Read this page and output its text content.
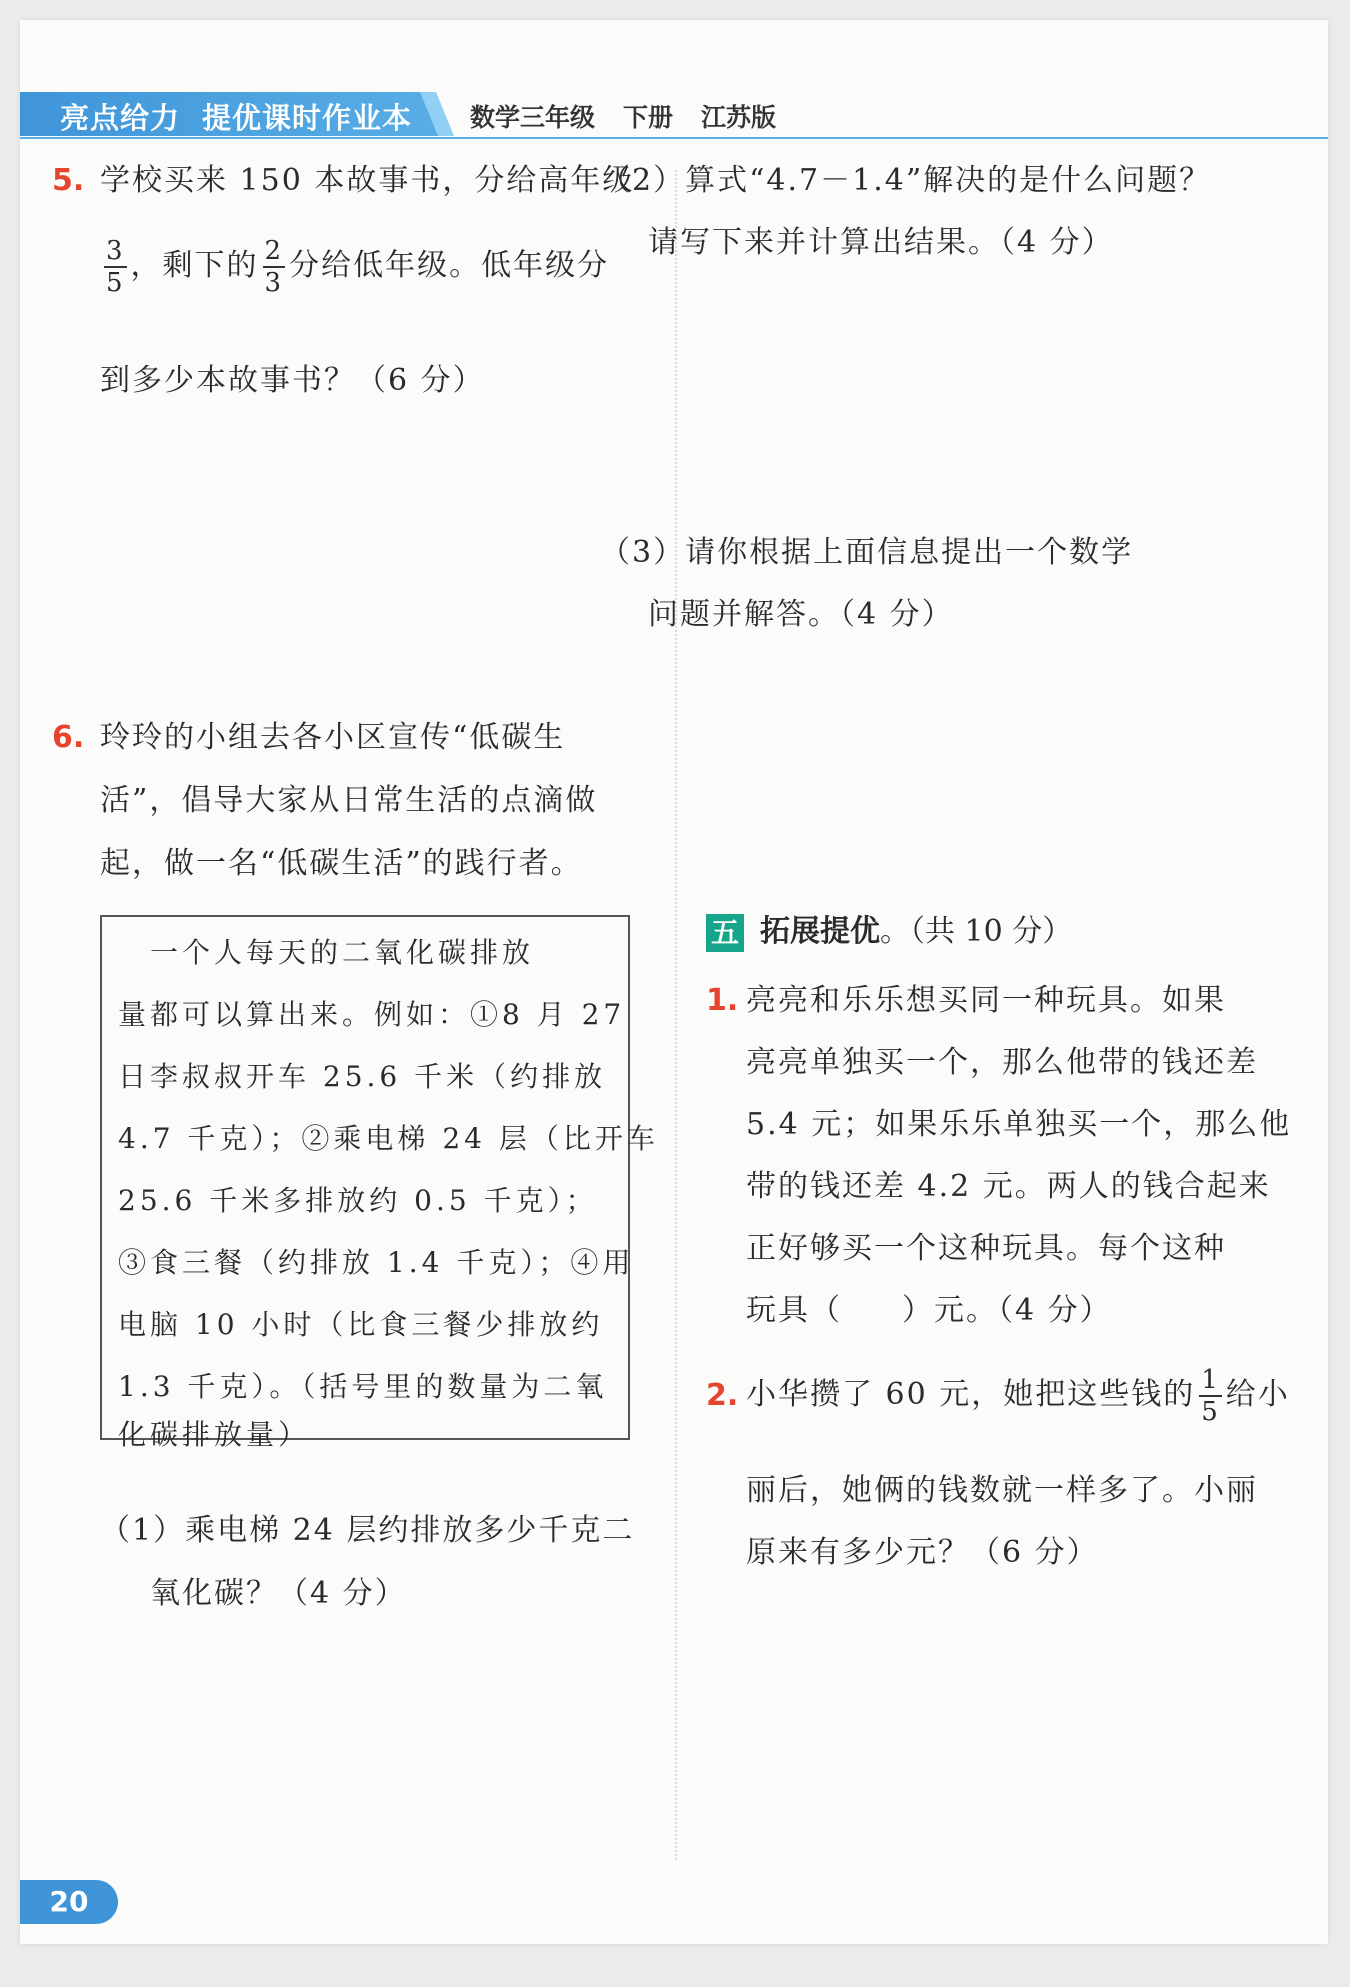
亮点给力 提优课时作业本 数学三年级 下册 江苏版
5. 学校买来 150 本故事书，分给高年级
$\frac{3}{5}$ ，剩下的 $\frac{2}{3}$ 分给低年级。低年级分
到多少本故事书？（6 分）
6. 玲玲的小组去各小区宣传“低碳生
活”，倡导大家从日常生活的点滴做
起，做一名“低碳生活”的践行者。
　一个人每天的二氧化碳排放
量都可以算出来。例如：①8 月 27
日李叔叔开车 25.6 千米（约排放
4.7 千克）；②乘电梯 24 层（比开车
25.6 千米多排放约 0.5 千克）；
③食三餐（约排放 1.4 千克）；④用
电脑 10 小时（比食三餐少排放约
1.3 千克）。（括号里的数量为二氧
化碳排放量）
（1）乘电梯 24 层约排放多少千克二
氧化碳？（4 分）
（2）算式“4.7－1.4”解决的是什么问题？
请写下来并计算出结果。（4 分）
（3）请你根据上面信息提出一个数学
问题并解答。（4 分）
五 拓展提优。（共 10 分）
1. 亮亮和乐乐想买同一种玩具。如果
亮亮单独买一个，那么他带的钱还差
5.4 元；如果乐乐单独买一个，那么他
带的钱还差 4.2 元。两人的钱合起来
正好够买一个这种玩具。每个这种
玩具（ ）元。（4 分）
2. 小华攒了 60 元，她把这些钱的 $\frac{1}{5}$ 给小
丽后，她俩的钱数就一样多了。小丽
原来有多少元？（6 分）
20
